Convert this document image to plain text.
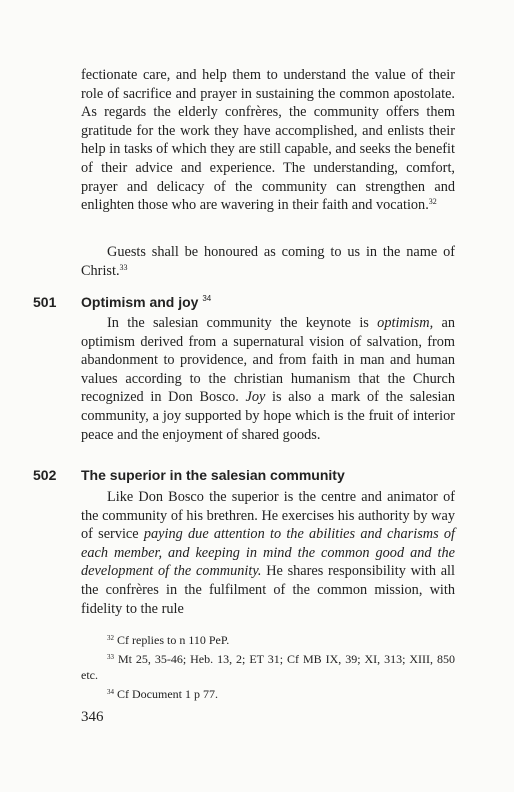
fectionate care, and help them to understand the value of their role of sacrifice and prayer in sustaining the common apostolate. As regards the elderly confrères, the community offers them gratitude for the work they have accomplished, and enlists their help in tasks of which they are still capable, and seeks the benefit of their advice and experience. The understanding, comfort, prayer and delicacy of the community can strengthen and enlighten those who are wavering in their faith and vocation.$^{32}$
Guests shall be honoured as coming to us in the name of Christ.$^{33}$
501 Optimism and joy $^{34}$
In the salesian community the keynote is optimism, an optimism derived from a supernatural vision of salvation, from abandonment to providence, and from faith in man and human values according to the christian humanism that the Church recognized in Don Bosco. Joy is also a mark of the salesian community, a joy supported by hope which is the fruit of interior peace and the enjoyment of shared goods.
502 The superior in the salesian community
Like Don Bosco the superior is the centre and animator of the community of his brethren. He exercises his authority by way of service paying due attention to the abilities and charisms of each member, and keeping in mind the common good and the development of the community. He shares responsibility with all the confrères in the fulfilment of the common mission, with fidelity to the rule
$^{32}$ Cf replies to n 110 PeP.
$^{33}$ Mt 25, 35-46; Heb. 13, 2; ET 31; Cf MB IX, 39; XI, 313; XIII, 850 etc.
$^{34}$ Cf Document 1 p 77.
346
